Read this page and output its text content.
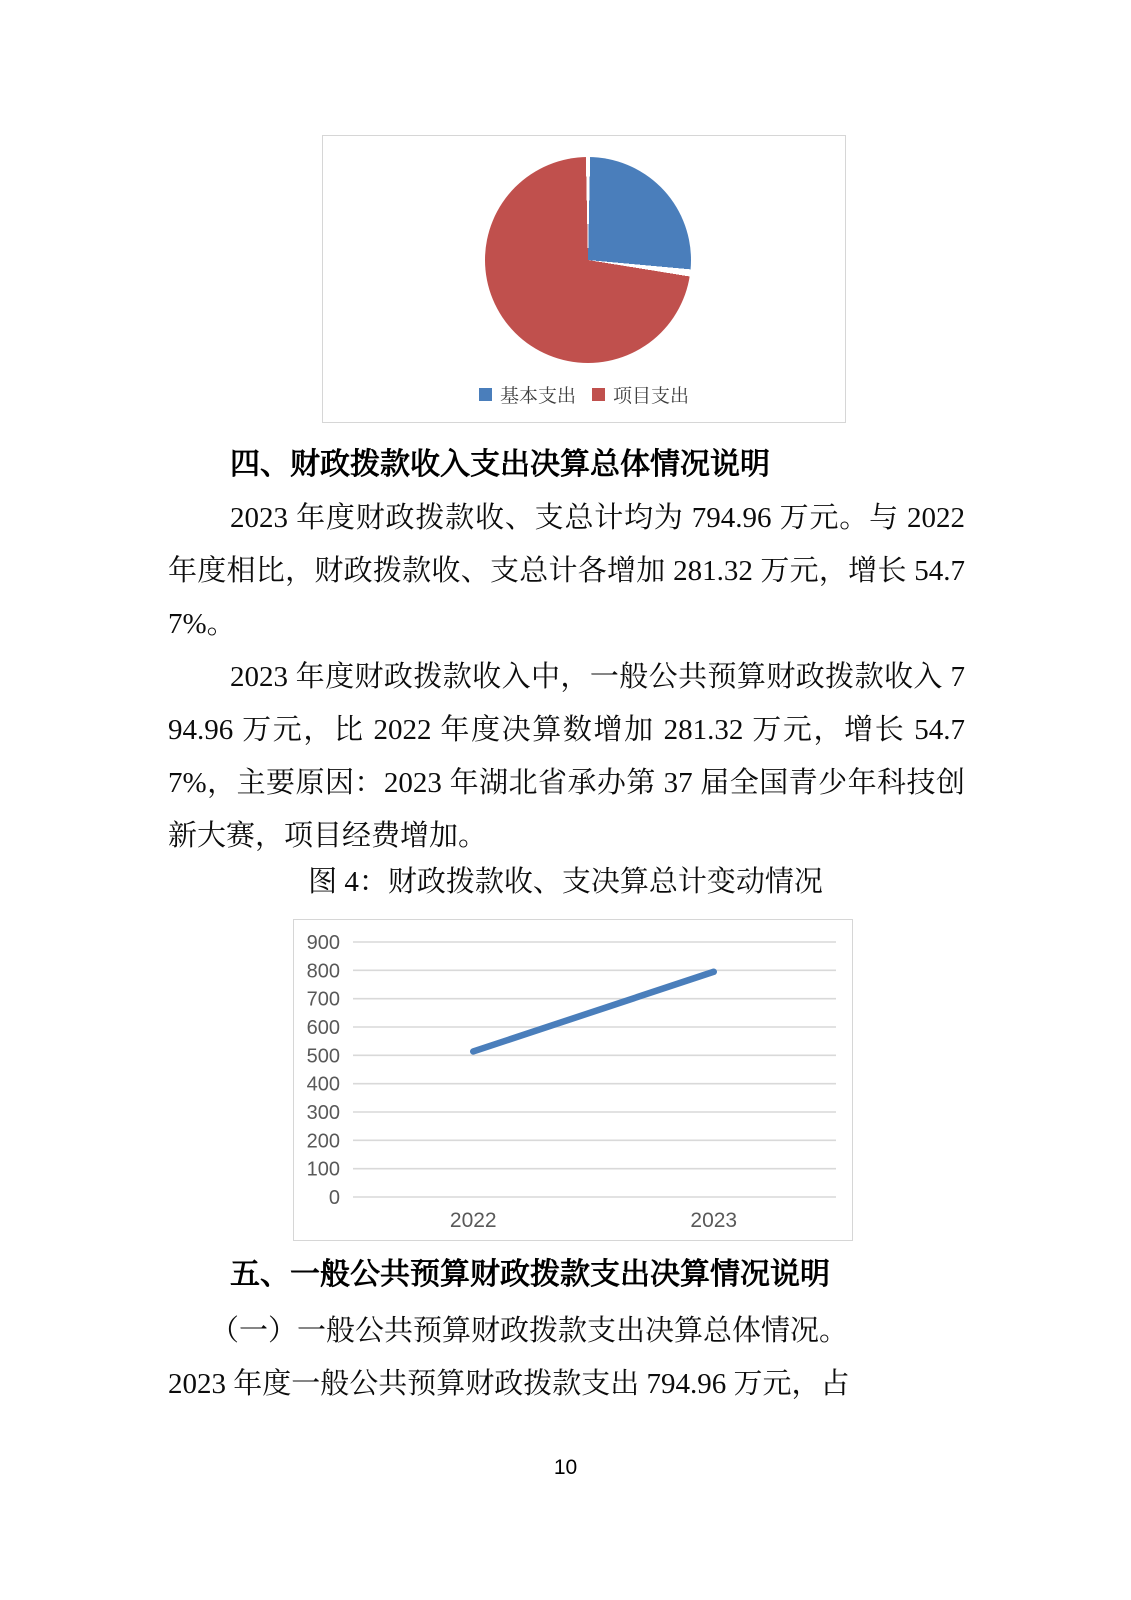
基本支出 项目支出
四、财政拨款收入支出决算总体情况说明

2023 年度财政拨款收、支总计均为 794.96 万元。与 2022 年度相比，财政拨款收、支总计各增加 281.32 万元，增长 54.77%。

2023 年度财政拨款收入中，一般公共预算财政拨款收入 794.96 万元，比 2022 年度决算数增加 281.32 万元，增长 54.77%，主要原因：2023 年湖北省承办第 37 届全国青少年科技创新大赛，项目经费增加。

图 4：财政拨款收、支决算总计变动情况

0
100
200
300
400
500
600
700
800
900
2022	2023
五、一般公共预算财政拨款支出决算情况说明

（一）一般公共预算财政拨款支出决算总体情况。

2023 年度一般公共预算财政拨款支出 794.96 万元，占

10
